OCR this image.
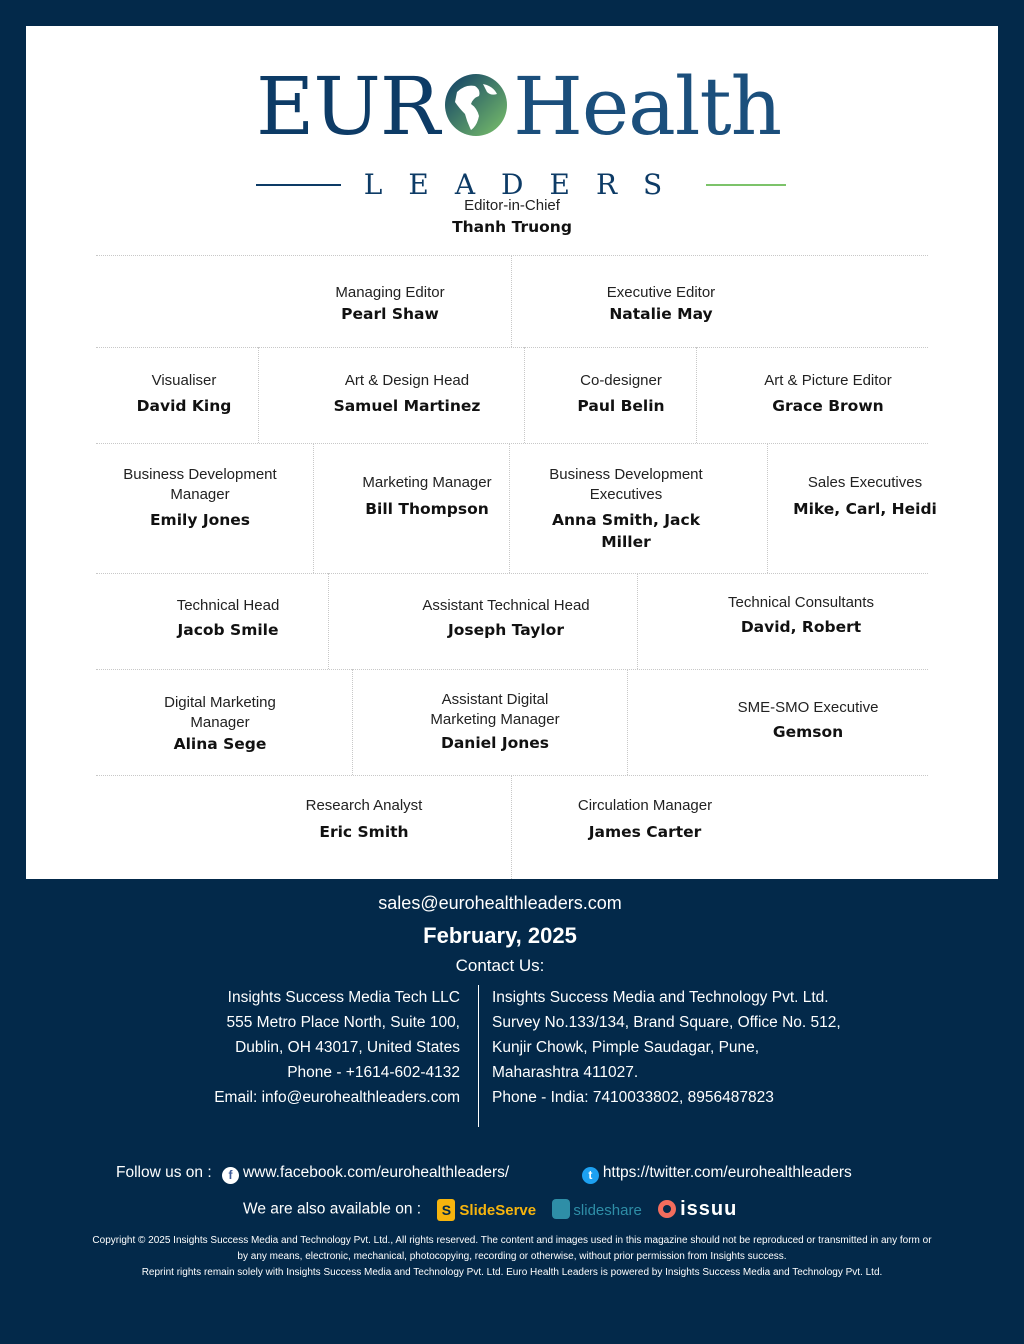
EUR Health
LEADERS
Editor-in-Chief
Thanh Truong
Managing Editor
Pearl Shaw
Executive Editor
Natalie May
Visualiser
David King
Art & Design Head
Samuel Martinez
Co-designer
Paul Belin
Art & Picture Editor
Grace Brown
Business Development Manager
Emily Jones
Marketing Manager
Bill Thompson
Business Development Executives
Anna Smith, Jack Miller
Sales Executives
Mike, Carl, Heidi
Technical Head
Jacob Smile
Assistant Technical Head
Joseph Taylor
Technical Consultants
David, Robert
Digital Marketing Manager
Alina Sege
Assistant Digital Marketing Manager
Daniel Jones
SME-SMO Executive
Gemson
Research Analyst
Eric Smith
Circulation Manager
James Carter
sales@eurohealthleaders.com
February, 2025
Contact Us:
Insights Success Media Tech LLC
555 Metro Place North, Suite 100,
Dublin, OH 43017, United States
Phone - +1614-602-4132
Email: info@eurohealthleaders.com
Insights Success Media and Technology Pvt. Ltd.
Survey No.133/134, Brand Square, Office No. 512,
Kunjir Chowk, Pimple Saudagar, Pune,
Maharashtra 411027.
Phone - India: 7410033802, 8956487823
Follow us on : f www.facebook.com/eurohealthleaders/	t https://twitter.com/eurohealthleaders
We are also available on : S SlideServe slideshare issuu
Copyright © 2025 Insights Success Media and Technology Pvt. Ltd., All rights reserved. The content and images used in this magazine should not be reproduced or transmitted in any form or
by any means, electronic, mechanical, photocopying, recording or otherwise, without prior permission from Insights success.
Reprint rights remain solely with Insights Success Media and Technology Pvt. Ltd. Euro Health Leaders is powered by Insights Success Media and Technology Pvt. Ltd.
